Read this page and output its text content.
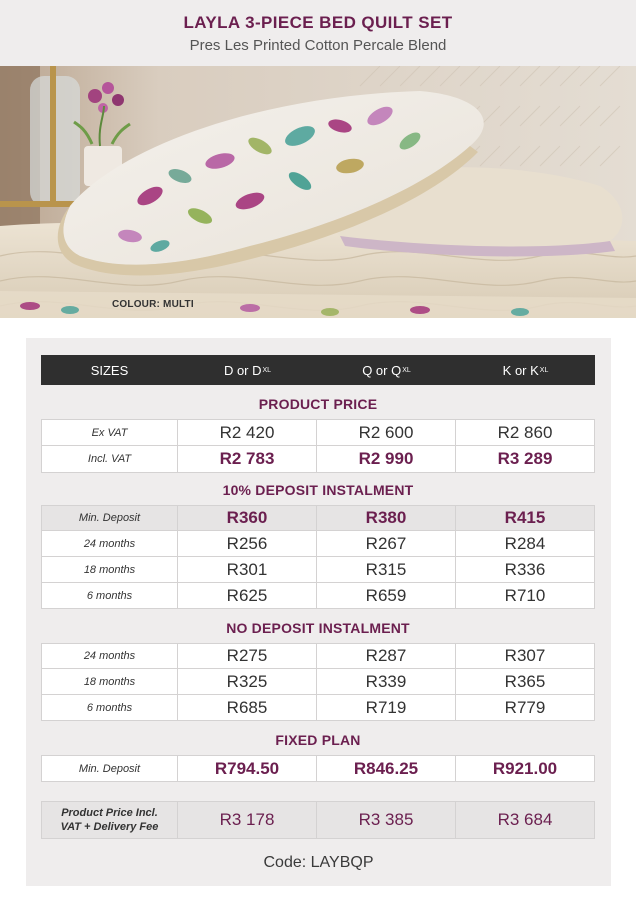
LAYLA 3-PIECE BED QUILT SET
Pres Les Printed Cotton Percale Blend
COLOUR: MULTI
SIZES	D or D XL	Q or Q XL	K or K XL
PRODUCT PRICE
Ex VAT	R2 420	R2 600	R2 860
Incl. VAT	R2 783	R2 990	R3 289
10% DEPOSIT INSTALMENT
Min. Deposit	R360	R380	R415
24 months	R256	R267	R284
18 months	R301	R315	R336
6 months	R625	R659	R710
NO DEPOSIT INSTALMENT
24 months	R275	R287	R307
18 months	R325	R339	R365
6 months	R685	R719	R779
FIXED PLAN
Min. Deposit	R794.50	R846.25	R921.00
Product Price Incl.
VAT + Delivery Fee	R3 178	R3 385	R3 684
Code: LAYBQP
